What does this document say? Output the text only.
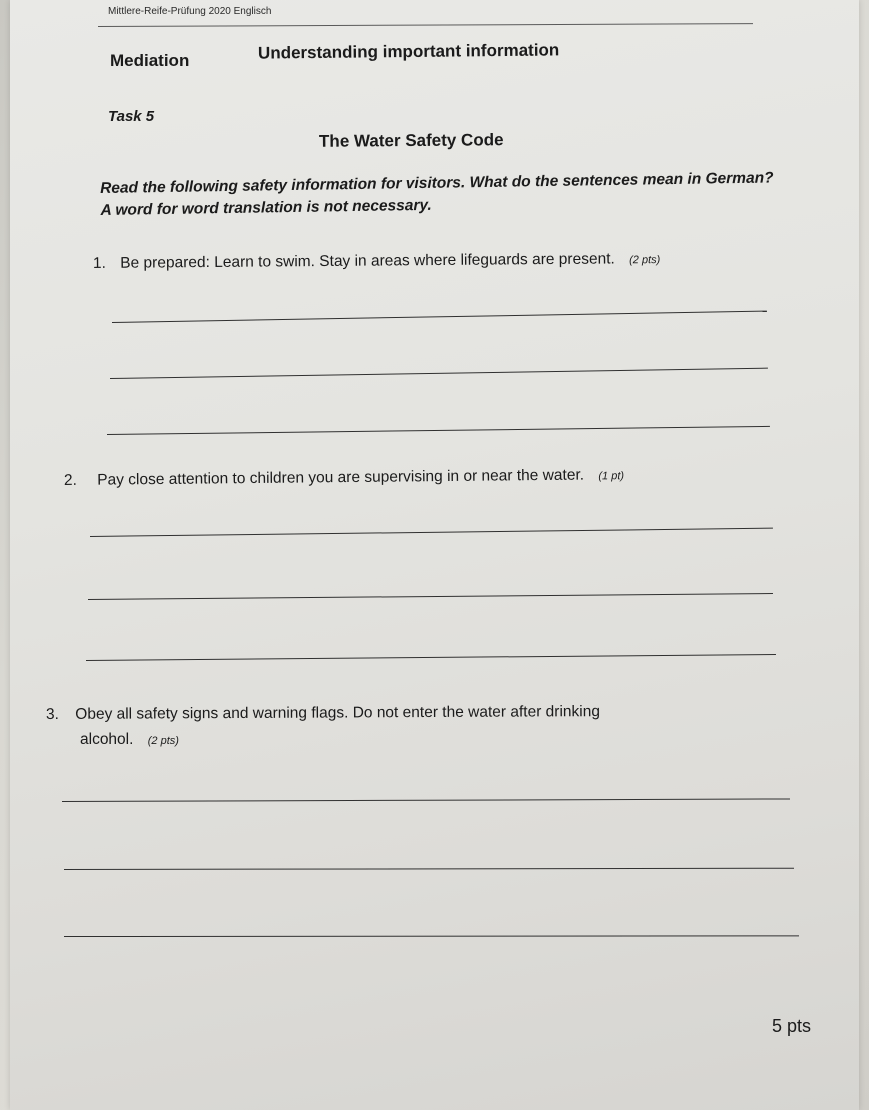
Mittlere-Reife-Prüfung 2020 Englisch
Mediation	Understanding important information
Task 5
The Water Safety Code
Read the following safety information for visitors. What do the sentences mean in German? A word for word translation is not necessary.
1. Be prepared: Learn to swim. Stay in areas where lifeguards are present. (2 pts)
2. Pay close attention to children you are supervising in or near the water. (1 pt)
3. Obey all safety signs and warning flags. Do not enter the water after drinking
alcohol. (2 pts)
5 pts
